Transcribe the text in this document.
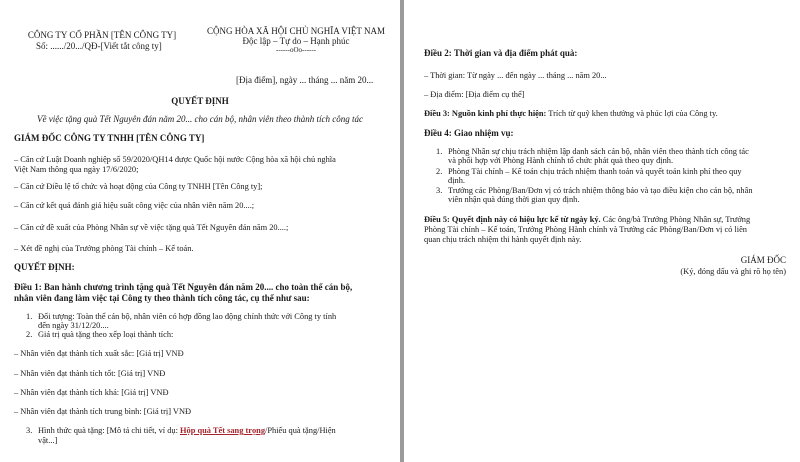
CÔNG TY CỔ PHẦN [TÊN CÔNG TY]
Số: ....../20.../QĐ-[Viết tắt công ty]
CỘNG HÒA XÃ HỘI CHỦ NGHĨA VIỆT NAM
Độc lập – Tự do – Hạnh phúc
------oOo------
[Địa điểm], ngày ... tháng ... năm 20...
QUYẾT ĐỊNH
Về việc tặng quà Tết Nguyên đán năm 20... cho cán bộ, nhân viên theo thành tích công tác
GIÁM ĐỐC CÔNG TY TNHH [TÊN CÔNG TY]
– Căn cứ Luật Doanh nghiệp số 59/2020/QH14 được Quốc hội nước Cộng hòa xã hội chủ nghĩa
Việt Nam thông qua ngày 17/6/2020;
– Căn cứ Điều lệ tổ chức và hoạt động của Công ty TNHH [Tên Công ty];
– Căn cứ kết quả đánh giá hiệu suất công việc của nhân viên năm 20....;
– Căn cứ đề xuất của Phòng Nhân sự về việc tặng quà Tết Nguyên đán năm 20....;
– Xét đề nghị của Trưởng phòng Tài chính – Kế toán.
QUYẾT ĐỊNH:
Điều 1: Ban hành chương trình tặng quà Tết Nguyên đán năm 20.... cho toàn thể cán bộ,
nhân viên đang làm việc tại Công ty theo thành tích công tác, cụ thể như sau:
1. Đối tượng: Toàn thể cán bộ, nhân viên có hợp đồng lao động chính thức với Công ty tính
đến ngày 31/12/20....
2. Giá trị quà tặng theo xếp loại thành tích:
– Nhân viên đạt thành tích xuất sắc: [Giá trị] VNĐ
– Nhân viên đạt thành tích tốt: [Giá trị] VNĐ
– Nhân viên đạt thành tích khá: [Giá trị] VNĐ
– Nhân viên đạt thành tích trung bình: [Giá trị] VNĐ
3. Hình thức quà tặng: [Mô tả chi tiết, ví dụ: Hộp quà Tết sang trọng/Phiếu quà tặng/Hiện
vật...]
Điều 2: Thời gian và địa điểm phát quà:
– Thời gian: Từ ngày ... đến ngày ... tháng ... năm 20...
– Địa điểm: [Địa điểm cụ thể]
Điều 3: Nguồn kinh phí thực hiện: Trích từ quỹ khen thưởng và phúc lợi của Công ty.
Điều 4: Giao nhiệm vụ:
1. Phòng Nhân sự chịu trách nhiệm lập danh sách cán bộ, nhân viên theo thành tích công tác
và phối hợp với Phòng Hành chính tổ chức phát quà theo quy định.
2. Phòng Tài chính – Kế toán chịu trách nhiệm thanh toán và quyết toán kinh phí theo quy
định.
3. Trưởng các Phòng/Ban/Đơn vị có trách nhiệm thông báo và tạo điều kiện cho cán bộ, nhân
viên nhận quà đúng thời gian quy định.
Điều 5: Quyết định này có hiệu lực kể từ ngày ký. Các ông/bà Trưởng Phòng Nhân sự, Trưởng
Phòng Tài chính – Kế toán, Trưởng Phòng Hành chính và Trưởng các Phòng/Ban/Đơn vị có liên
quan chịu trách nhiệm thi hành quyết định này.
GIÁM ĐỐC
(Ký, đóng dấu và ghi rõ họ tên)
